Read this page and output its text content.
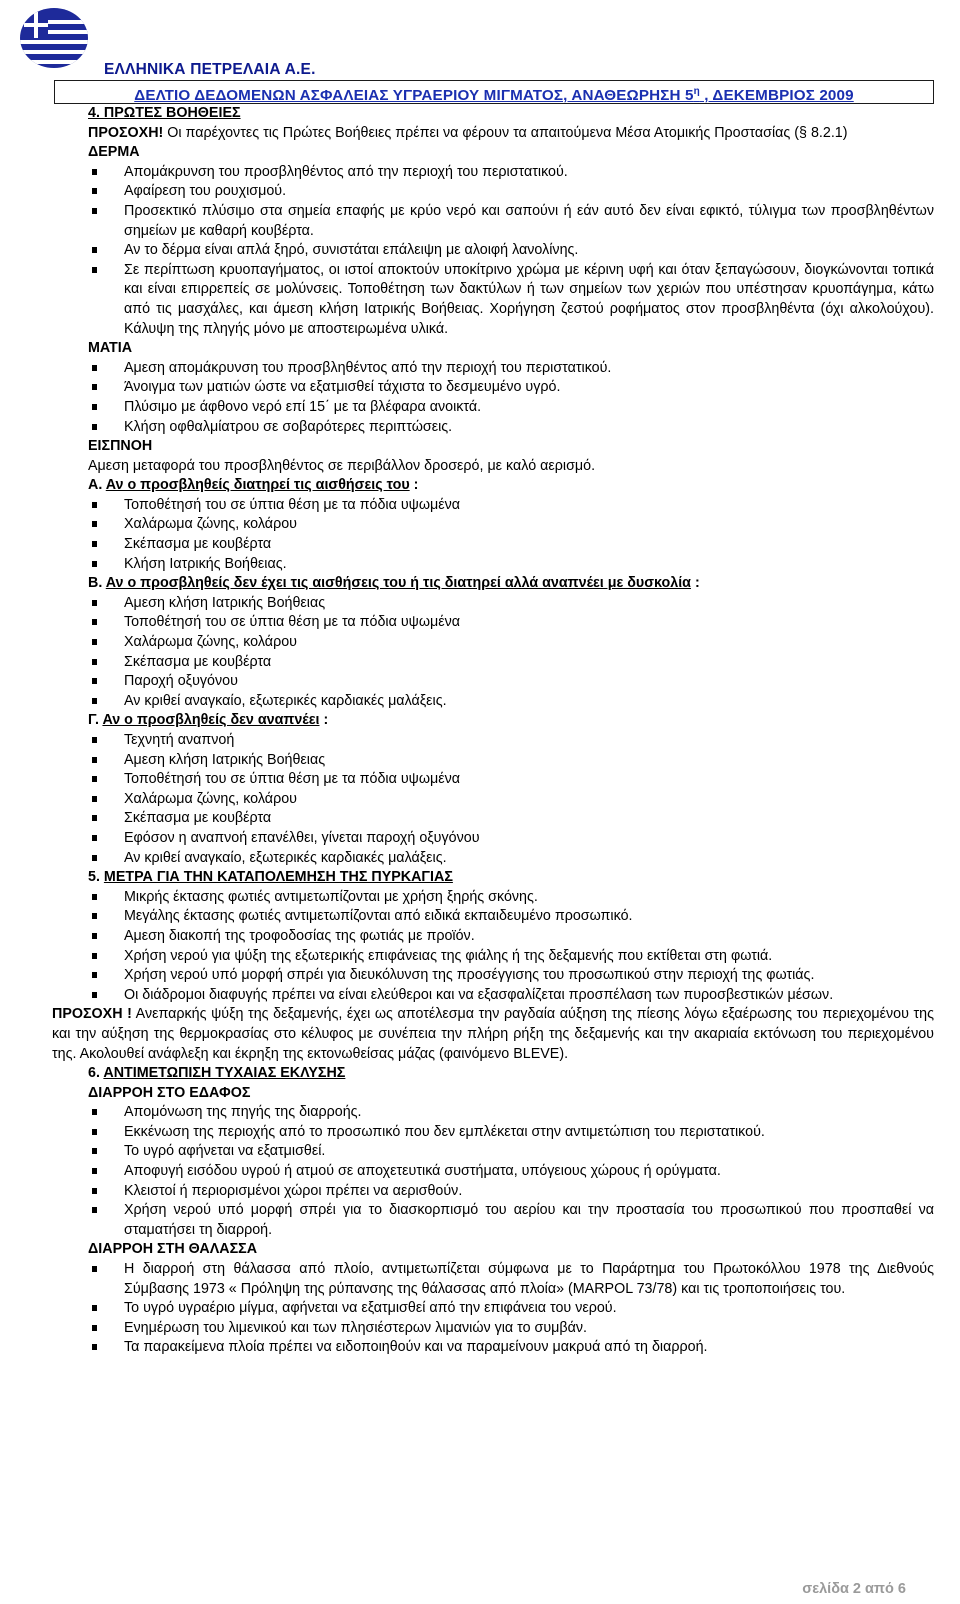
ΕΛΛΗΝΙΚΑ ΠΕΤΡΕΛΑΙΑ Α.Ε.
ΔΕΛΤΙΟ ΔΕΔΟΜΕΝΩΝ ΑΣΦΑΛΕΙΑΣ ΥΓΡΑΕΡΙΟΥ ΜΙΓΜΑΤΟΣ, ΑΝΑΘΕΩΡΗΣΗ $5^\eta$ , ΔΕΚΕΜΒΡΙΟΣ 2009

4. ΠΡΩΤΕΣ ΒΟΗΘΕΙΕΣ

ΠΡΟΣΟΧΗ! Οι παρέχοντες τις Πρώτες Βοήθειες πρέπει να φέρουν τα απαιτούμενα Μέσα Ατομικής Προστασίας (§ 8.2.1)

ΔΕΡΜΑ

Απομάκρυνση του προσβληθέντος από την περιοχή του περιστατικού.
Αφαίρεση του ρουχισμού.
Προσεκτικό πλύσιμο στα σημεία επαφής με κρύο νερό και σαπούνι ή εάν αυτό δεν είναι εφικτό, τύλιγμα των προσβληθέντων σημείων με καθαρή κουβέρτα.
Αν το δέρμα είναι απλά ξηρό, συνιστάται επάλειψη με αλοιφή λανολίνης.
Σε περίπτωση κρυοπαγήματος, οι ιστοί αποκτούν υποκίτρινο χρώμα με κέρινη υφή και όταν ξεπαγώσουν, διογκώνονται τοπικά και είναι επιρρεπείς σε μολύνσεις. Τοποθέτηση των δακτύλων ή των σημείων των χεριών που υπέστησαν κρυοπάγημα, κάτω από τις μασχάλες, και άμεση κλήση Ιατρικής Βοήθειας. Χορήγηση ζεστού ροφήματος στον προσβληθέντα (όχι αλκολούχου). Κάλυψη της πληγής μόνο με αποστειρωμένα υλικά.

ΜΑΤΙΑ

Αμεση απομάκρυνση του προσβληθέντος από την περιοχή του περιστατικού.
Άνοιγμα των ματιών ώστε να εξατμισθεί τάχιστα το δεσμευμένο υγρό.
Πλύσιμο με άφθονο νερό επί 15΄ με τα βλέφαρα ανοικτά.
Κλήση οφθαλμίατρου σε σοβαρότερες περιπτώσεις.

ΕΙΣΠΝΟΗ

Αμεση μεταφορά του προσβληθέντος σε περιβάλλον δροσερό, με καλό αερισμό.

Α. Αν ο προσβληθείς διατηρεί τις αισθήσεις του :

Τοποθέτησή του σε ύπτια θέση με τα πόδια υψωμένα
Χαλάρωμα ζώνης, κολάρου
Σκέπασμα με κουβέρτα
Κλήση Ιατρικής Βοήθειας.

Β. Αν ο προσβληθείς δεν έχει τις αισθήσεις του ή τις διατηρεί αλλά αναπνέει με δυσκολία :

Αμεση κλήση Ιατρικής Βοήθειας
Τοποθέτησή του σε ύπτια θέση με τα πόδια υψωμένα
Χαλάρωμα ζώνης, κολάρου
Σκέπασμα με κουβέρτα
Παροχή οξυγόνου
Αν κριθεί αναγκαίο, εξωτερικές καρδιακές μαλάξεις.

Γ. Αν ο προσβληθείς δεν αναπνέει :

Τεχνητή αναπνοή
Αμεση κλήση Ιατρικής Βοήθειας
Τοποθέτησή του σε ύπτια θέση με τα πόδια υψωμένα
Χαλάρωμα ζώνης, κολάρου
Σκέπασμα με κουβέρτα
Εφόσον η αναπνοή επανέλθει, γίνεται παροχή οξυγόνου
Αν κριθεί αναγκαίο, εξωτερικές καρδιακές μαλάξεις.

5. ΜΕΤΡΑ ΓΙΑ ΤΗΝ ΚΑΤΑΠΟΛΕΜΗΣΗ ΤΗΣ ΠΥΡΚΑΓΙΑΣ

Μικρής έκτασης φωτιές αντιμετωπίζονται με χρήση ξηρής σκόνης.
Μεγάλης έκτασης φωτιές αντιμετωπίζονται από ειδικά εκπαιδευμένο προσωπικό.
Αμεση διακοπή της τροφοδοσίας της φωτιάς με προϊόν.
Χρήση νερού για ψύξη της εξωτερικής επιφάνειας της φιάλης ή της δεξαμενής που εκτίθεται στη φωτιά.
Χρήση νερού υπό μορφή σπρέι για διευκόλυνση της προσέγγισης του προσωπικού στην περιοχή της φωτιάς.
Οι διάδρομοι διαφυγής πρέπει να είναι ελεύθεροι και να εξασφαλίζεται προσπέλαση των πυροσβεστικών μέσων.

ΠΡΟΣΟΧΗ ! Ανεπαρκής ψύξη της δεξαμενής, έχει ως αποτέλεσμα την ραγδαία αύξηση της πίεσης λόγω εξαέρωσης του περιεχομένου της και την αύξηση της θερμοκρασίας στο κέλυφος με συνέπεια την πλήρη ρήξη της δεξαμενής και την ακαριαία εκτόνωση του περιεχομένου της. Ακολουθεί ανάφλεξη και έκρηξη της εκτονωθείσας μάζας (φαινόμενο BLEVE).

6. ΑΝΤΙΜΕΤΩΠΙΣΗ ΤΥΧΑΙΑΣ ΕΚΛΥΣΗΣ

ΔΙΑΡΡΟΗ ΣΤΟ ΕΔΑΦΟΣ

Απομόνωση της πηγής της διαρροής.
Εκκένωση της περιοχής από το προσωπικό που δεν εμπλέκεται στην αντιμετώπιση του περιστατικού.
Το υγρό αφήνεται να εξατμισθεί.
Αποφυγή εισόδου υγρού ή ατμού σε αποχετευτικά συστήματα, υπόγειους χώρους ή ορύγματα.
Κλειστοί ή περιορισμένοι χώροι πρέπει να αερισθούν.
Χρήση νερού υπό μορφή σπρέι για το διασκορπισμό του αερίου και την προστασία του προσωπικού που προσπαθεί να σταματήσει τη διαρροή.

ΔΙΑΡΡΟΗ ΣΤΗ ΘΑΛΑΣΣΑ

Η διαρροή στη θάλασσα από πλοίο, αντιμετωπίζεται σύμφωνα με το Παράρτημα του Πρωτοκόλλου 1978 της Διεθνούς Σύμβασης 1973 « Πρόληψη της ρύπανσης της θάλασσας από πλοία» (MARPOL 73/78) και τις τροποποιήσεις του.
Το υγρό υγραέριο μίγμα, αφήνεται να εξατμισθεί από την επιφάνεια του νερού.
Ενημέρωση του λιμενικού και των πλησιέστερων λιμανιών για το συμβάν.
Τα παρακείμενα πλοία πρέπει να ειδοποιηθούν και να παραμείνουν μακρυά από τη διαρροή.
σελίδα 2 από 6
